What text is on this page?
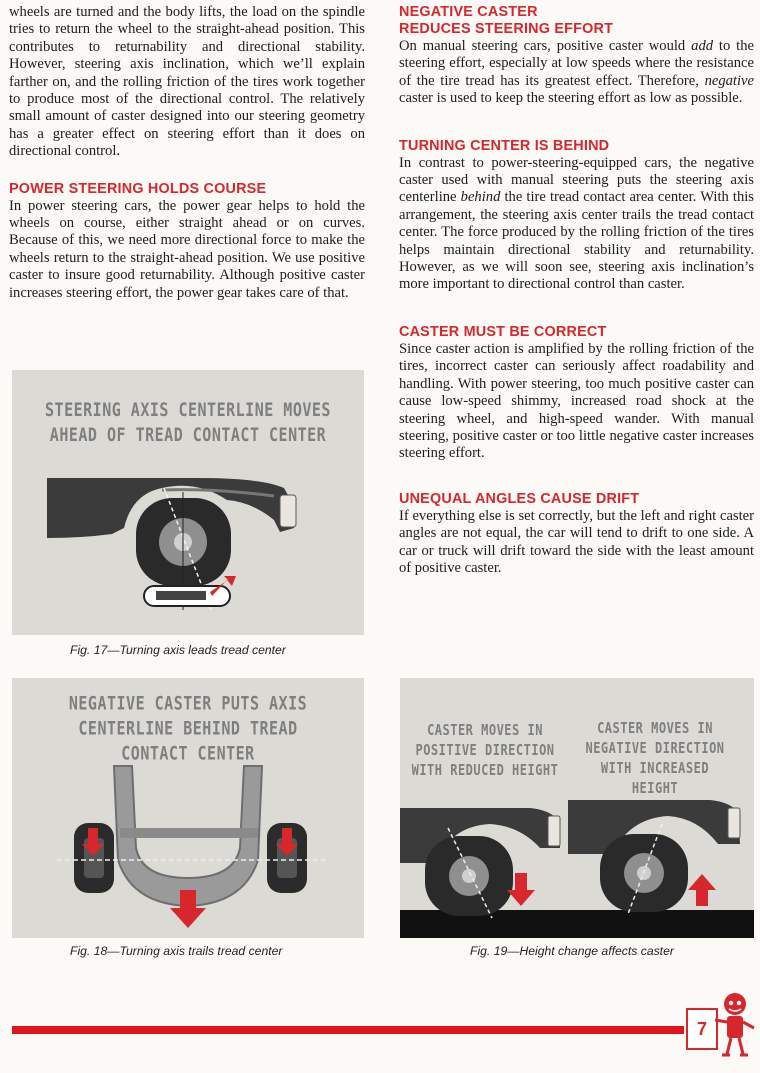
wheels are turned and the body lifts, the load on the spindle tries to return the wheel to the straight-ahead position. This contributes to returnability and directional stability. However, steering axis inclination, which we’ll explain farther on, and the rolling friction of the tires work together to produce most of the directional control. The relatively small amount of caster designed into our steering geometry has a greater effect on steering effort than it does on directional control.

POWER STEERING HOLDS COURSE

In power steering cars, the power gear helps to hold the wheels on course, either straight ahead or on curves. Because of this, we need more directional force to make the wheels return to the straight-ahead position. We use positive caster to insure good returnability. Although positive caster increases steering effort, the power gear takes care of that.

NEGATIVE CASTER

REDUCES STEERING EFFORT

On manual steering cars, positive caster would add to the steering effort, especially at low speeds where the resistance of the tire tread has its greatest effect. Therefore, negative caster is used to keep the steering effort as low as possible.

TURNING CENTER IS BEHIND

In contrast to power-steering-equipped cars, the negative caster used with manual steering puts the steering axis centerline behind the tire tread contact area center. With this arrangement, the steering axis center trails the tread contact center. The force produced by the rolling friction of the tires helps maintain directional stability and returnability. However, as we will soon see, steering axis inclination’s more important to directional control than caster.

CASTER MUST BE CORRECT

Since caster action is amplified by the rolling friction of the tires, incorrect caster can seriously affect roadability and handling. With power steering, too much positive caster can cause low-speed shimmy, increased road shock at the steering wheel, and high-speed wander. With manual steering, positive caster or too little negative caster increases steering effort.

UNEQUAL ANGLES CAUSE DRIFT

If everything else is set correctly, but the left and right caster angles are not equal, the car will tend to drift to one side. A car or truck will drift toward the side with the least amount of positive caster.

STEERING AXIS CENTERLINE MOVES
AHEAD OF TREAD CONTACT CENTER
Fig. 17—Turning axis leads tread center
NEGATIVE CASTER PUTS AXIS
CENTERLINE BEHIND TREAD
CONTACT CENTER
Fig. 18—Turning axis trails tread center
CASTER MOVES IN
POSITIVE DIRECTION
WITH REDUCED HEIGHT
CASTER MOVES IN
NEGATIVE DIRECTION
WITH INCREASED HEIGHT
Fig. 19—Height change affects caster
7
